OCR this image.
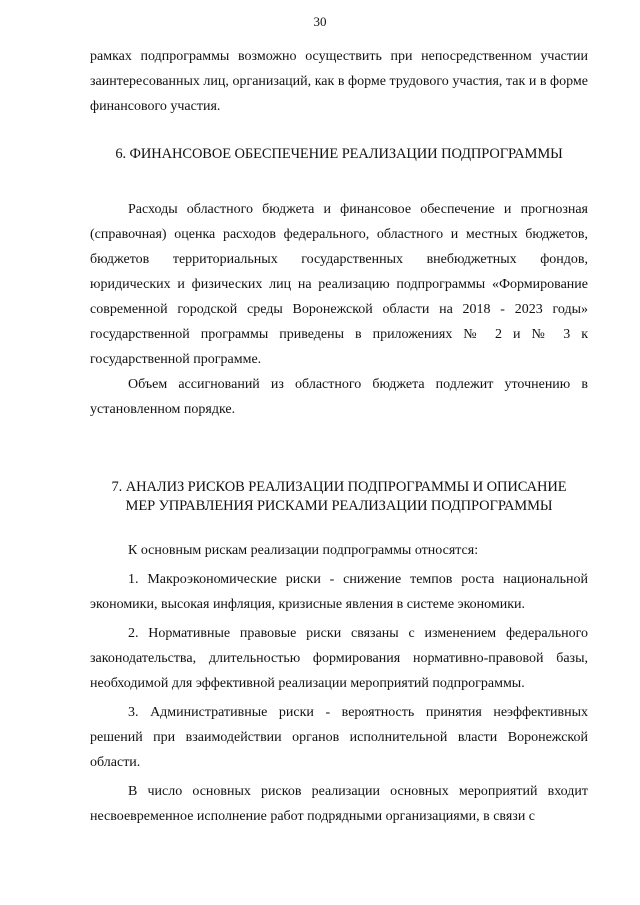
30

рамках подпрограммы возможно осуществить при непосредственном участии заинтересованных лиц, организаций, как в форме трудового участия, так и в форме финансового участия.

6. ФИНАНСОВОЕ ОБЕСПЕЧЕНИЕ РЕАЛИЗАЦИИ ПОДПРОГРАММЫ

Расходы областного бюджета и финансовое обеспечение и прогнозная (справочная) оценка расходов федерального, областного и местных бюджетов, бюджетов территориальных государственных внебюджетных фондов, юридических и физических лиц на реализацию подпрограммы «Формирование современной городской среды Воронежской области на 2018 - 2023 годы» государственной программы приведены в приложениях № 2 и № 3 к государственной программе.

Объем ассигнований из областного бюджета подлежит уточнению в установленном порядке.

7. АНАЛИЗ РИСКОВ РЕАЛИЗАЦИИ ПОДПРОГРАММЫ И ОПИСАНИЕ
МЕР УПРАВЛЕНИЯ РИСКАМИ РЕАЛИЗАЦИИ ПОДПРОГРАММЫ

К основным рискам реализации подпрограммы относятся:

1. Макроэкономические риски - снижение темпов роста национальной экономики, высокая инфляция, кризисные явления в системе экономики.

2. Нормативные правовые риски связаны с изменением федерального законодательства, длительностью формирования нормативно-правовой базы, необходимой для эффективной реализации мероприятий подпрограммы.

3. Административные риски - вероятность принятия неэффективных решений при взаимодействии органов исполнительной власти Воронежской области.

В число основных рисков реализации основных мероприятий входит несвоевременное исполнение работ подрядными организациями, в связи с
